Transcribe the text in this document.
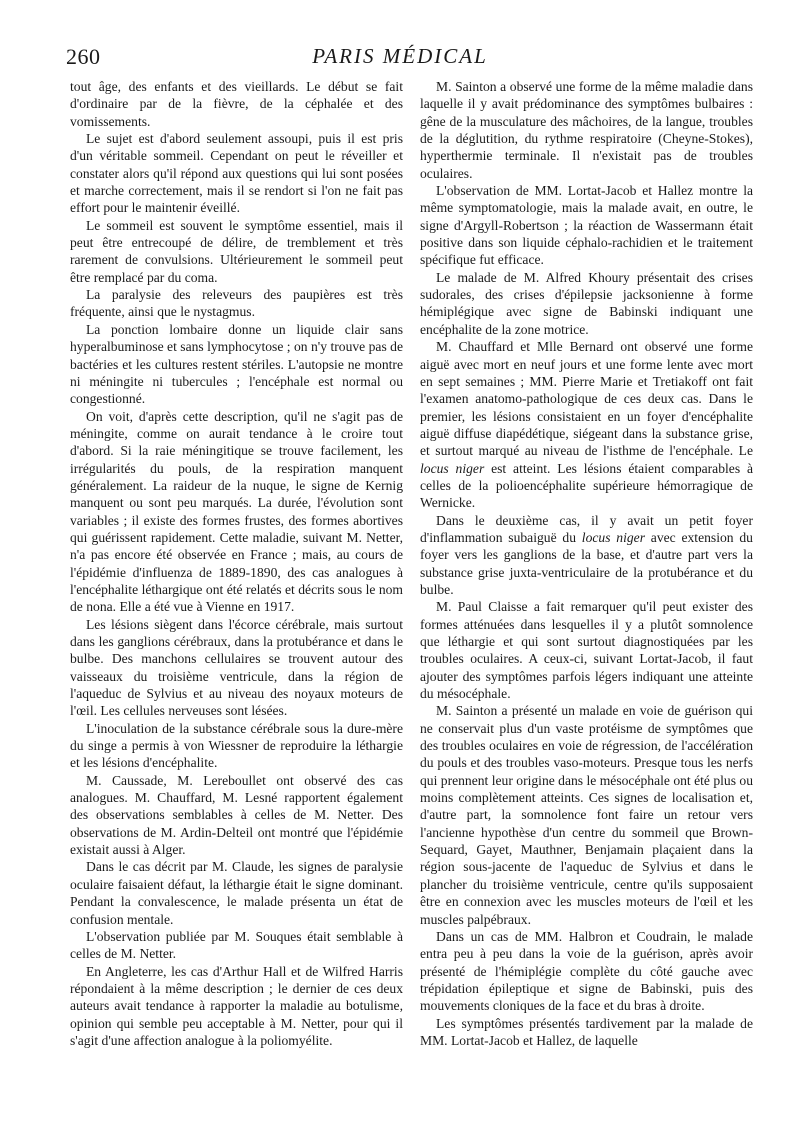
260	PARIS MÉDICAL

tout âge, des enfants et des vieillards. Le début se fait d'ordinaire par de la fièvre, de la céphalée et des vomissements.

Le sujet est d'abord seulement assoupi, puis il est pris d'un véritable sommeil. Cependant on peut le réveiller et constater alors qu'il répond aux questions qui lui sont posées et marche correctement, mais il se rendort si l'on ne fait pas effort pour le maintenir éveillé.

Le sommeil est souvent le symptôme essentiel, mais il peut être entrecoupé de délire, de tremblement et très rarement de convulsions. Ultérieurement le sommeil peut être remplacé par du coma.

La paralysie des releveurs des paupières est très fréquente, ainsi que le nystagmus.

La ponction lombaire donne un liquide clair sans hyperalbuminose et sans lymphocytose ; on n'y trouve pas de bactéries et les cultures restent stériles. L'autopsie ne montre ni méningite ni tubercules ; l'encéphale est normal ou congestionné.

On voit, d'après cette description, qu'il ne s'agit pas de méningite, comme on aurait tendance à le croire tout d'abord. Si la raie méningitique se trouve facilement, les irrégularités du pouls, de la respiration manquent généralement. La raideur de la nuque, le signe de Kernig manquent ou sont peu marqués. La durée, l'évolution sont variables ; il existe des formes frustes, des formes abortives qui guérissent rapidement. Cette maladie, suivant M. Netter, n'a pas encore été observée en France ; mais, au cours de l'épidémie d'influenza de 1889-1890, des cas analogues à l'encéphalite léthargique ont été relatés et décrits sous le nom de nona. Elle a été vue à Vienne en 1917.

Les lésions siègent dans l'écorce cérébrale, mais surtout dans les ganglions cérébraux, dans la protubérance et dans le bulbe. Des manchons cellulaires se trouvent autour des vaisseaux du troisième ventricule, dans la région de l'aqueduc de Sylvius et au niveau des noyaux moteurs de l'œil. Les cellules nerveuses sont lésées.

L'inoculation de la substance cérébrale sous la dure-mère du singe a permis à von Wiessner de reproduire la léthargie et les lésions d'encéphalite.

M. Caussade, M. Lereboullet ont observé des cas analogues. M. Chauffard, M. Lesné rapportent également des observations semblables à celles de M. Netter. Des observations de M. Ardin-Delteil ont montré que l'épidémie existait aussi à Alger.

Dans le cas décrit par M. Claude, les signes de paralysie oculaire faisaient défaut, la léthargie était le signe dominant. Pendant la convalescence, le malade présenta un état de confusion mentale.

L'observation publiée par M. Souques était semblable à celles de M. Netter.

En Angleterre, les cas d'Arthur Hall et de Wilfred Harris répondaient à la même description ; le dernier de ces deux auteurs avait tendance à rapporter la maladie au botulisme, opinion qui semble peu acceptable à M. Netter, pour qui il s'agit d'une affection analogue à la poliomyélite.

M. Sainton a observé une forme de la même maladie dans laquelle il y avait prédominance des symptômes bulbaires : gêne de la musculature des mâchoires, de la langue, troubles de la déglutition, du rythme respiratoire (Cheyne-Stokes), hyperthermie terminale. Il n'existait pas de troubles oculaires.

L'observation de MM. Lortat-Jacob et Hallez montre la même symptomatologie, mais la malade avait, en outre, le signe d'Argyll-Robertson ; la réaction de Wassermann était positive dans son liquide céphalo-rachidien et le traitement spécifique fut efficace.

Le malade de M. Alfred Khoury présentait des crises sudorales, des crises d'épilepsie jacksonienne à forme hémiplégique avec signe de Babinski indiquant une encéphalite de la zone motrice.

M. Chauffard et Mlle Bernard ont observé une forme aiguë avec mort en neuf jours et une forme lente avec mort en sept semaines ; MM. Pierre Marie et Tretiakoff ont fait l'examen anatomo-pathologique de ces deux cas. Dans le premier, les lésions consistaient en un foyer d'encéphalite aiguë diffuse diapédétique, siégeant dans la substance grise, et surtout marqué au niveau de l'isthme de l'encéphale. Le locus niger est atteint. Les lésions étaient comparables à celles de la polioencéphalite supérieure hémorragique de Wernicke.

Dans le deuxième cas, il y avait un petit foyer d'inflammation subaiguë du locus niger avec extension du foyer vers les ganglions de la base, et d'autre part vers la substance grise juxta-ventriculaire de la protubérance et du bulbe.

M. Paul Claisse a fait remarquer qu'il peut exister des formes atténuées dans lesquelles il y a plutôt somnolence que léthargie et qui sont surtout diagnostiquées par les troubles oculaires. A ceux-ci, suivant Lortat-Jacob, il faut ajouter des symptômes parfois légers indiquant une atteinte du mésocéphale.

M. Sainton a présenté un malade en voie de guérison qui ne conservait plus d'un vaste protéisme de symptômes que des troubles oculaires en voie de régression, de l'accélération du pouls et des troubles vaso-moteurs. Presque tous les nerfs qui prennent leur origine dans le mésocéphale ont été plus ou moins complètement atteints. Ces signes de localisation et, d'autre part, la somnolence font faire un retour vers l'ancienne hypothèse d'un centre du sommeil que Brown-Sequard, Gayet, Mauthner, Benjamain plaçaient dans la région sous-jacente de l'aqueduc de Sylvius et dans le plancher du troisième ventricule, centre qu'ils supposaient être en connexion avec les muscles moteurs de l'œil et les muscles palpébraux.

Dans un cas de MM. Halbron et Coudrain, le malade entra peu à peu dans la voie de la guérison, après avoir présenté de l'hémiplégie complète du côté gauche avec trépidation épileptique et signe de Babinski, puis des mouvements cloniques de la face et du bras à droite.

Les symptômes présentés tardivement par la malade de MM. Lortat-Jacob et Hallez, de laquelle
